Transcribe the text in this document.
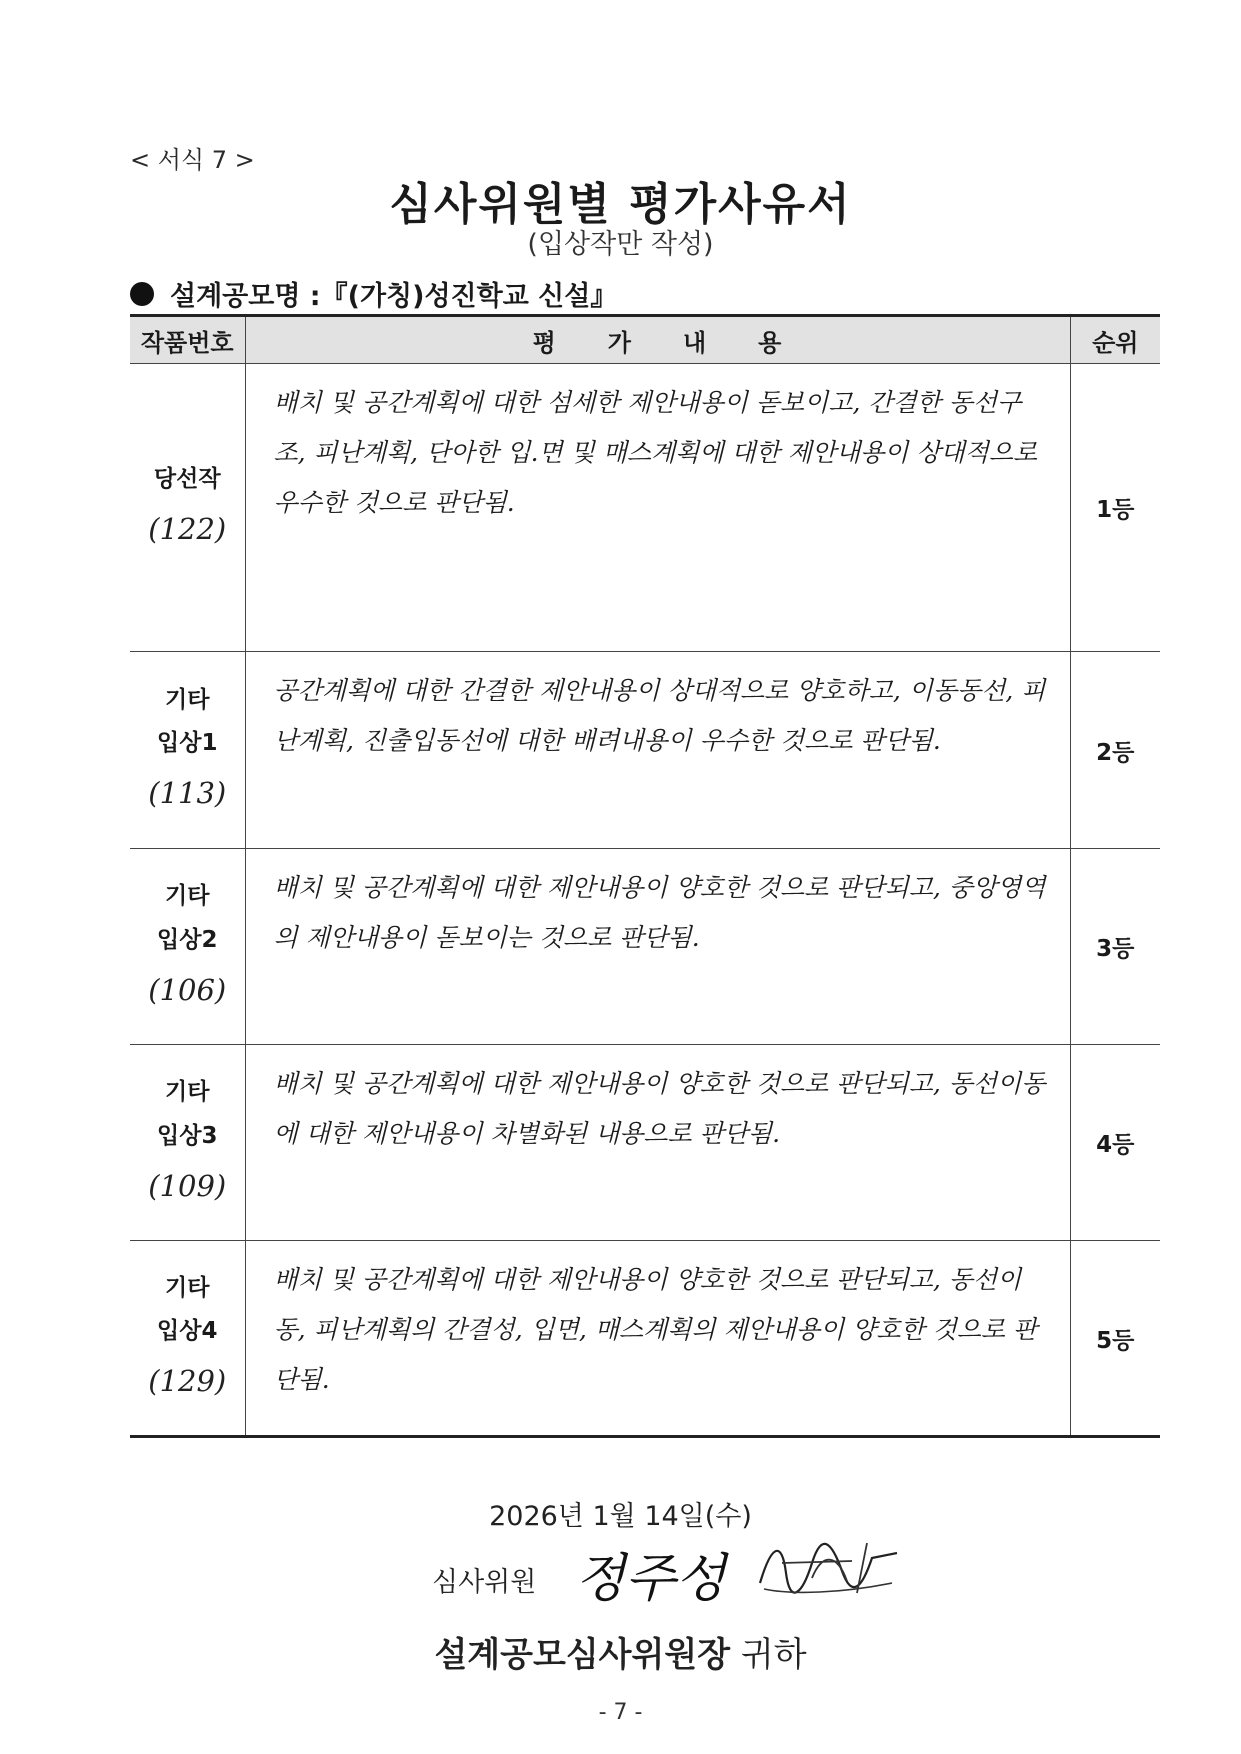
< 서식 7 >
심사위원별 평가사유서
(입상작만 작성)
설계공모명 :『(가칭)성진학교 신설』
작품번호	평가내용	순위

당선작
(122)	배치 및 공간계획에 대한 섬세한 제안내용이 돋보이고, 간결한 동선구조, 피난계획, 단아한 입.면 및 매스계획에 대한 제안내용이 상대적으로 우수한 것으로 판단됨.	1등

기타
입상1
(113)	공간계획에 대한 간결한 제안내용이 상대적으로 양호하고, 이동동선, 피난계획, 진출입동선에 대한 배려내용이 우수한 것으로 판단됨.	2등

기타
입상2
(106)	배치 및 공간계획에 대한 제안내용이 양호한 것으로 판단되고, 중앙영역의 제안내용이 돋보이는 것으로 판단됨.	3등

기타
입상3
(109)	배치 및 공간계획에 대한 제안내용이 양호한 것으로 판단되고, 동선이동에 대한 제안내용이 차별화된 내용으로 판단됨.	4등

기타
입상4
(129)	배치 및 공간계획에 대한 제안내용이 양호한 것으로 판단되고, 동선이동, 피난계획의 간결성, 입면, 매스계획의 제안내용이 양호한 것으로 판단됨.	5등
2026년 1월 14일(수)
심사위원 정주성
설계공모심사위원장 귀하
- 7 -
